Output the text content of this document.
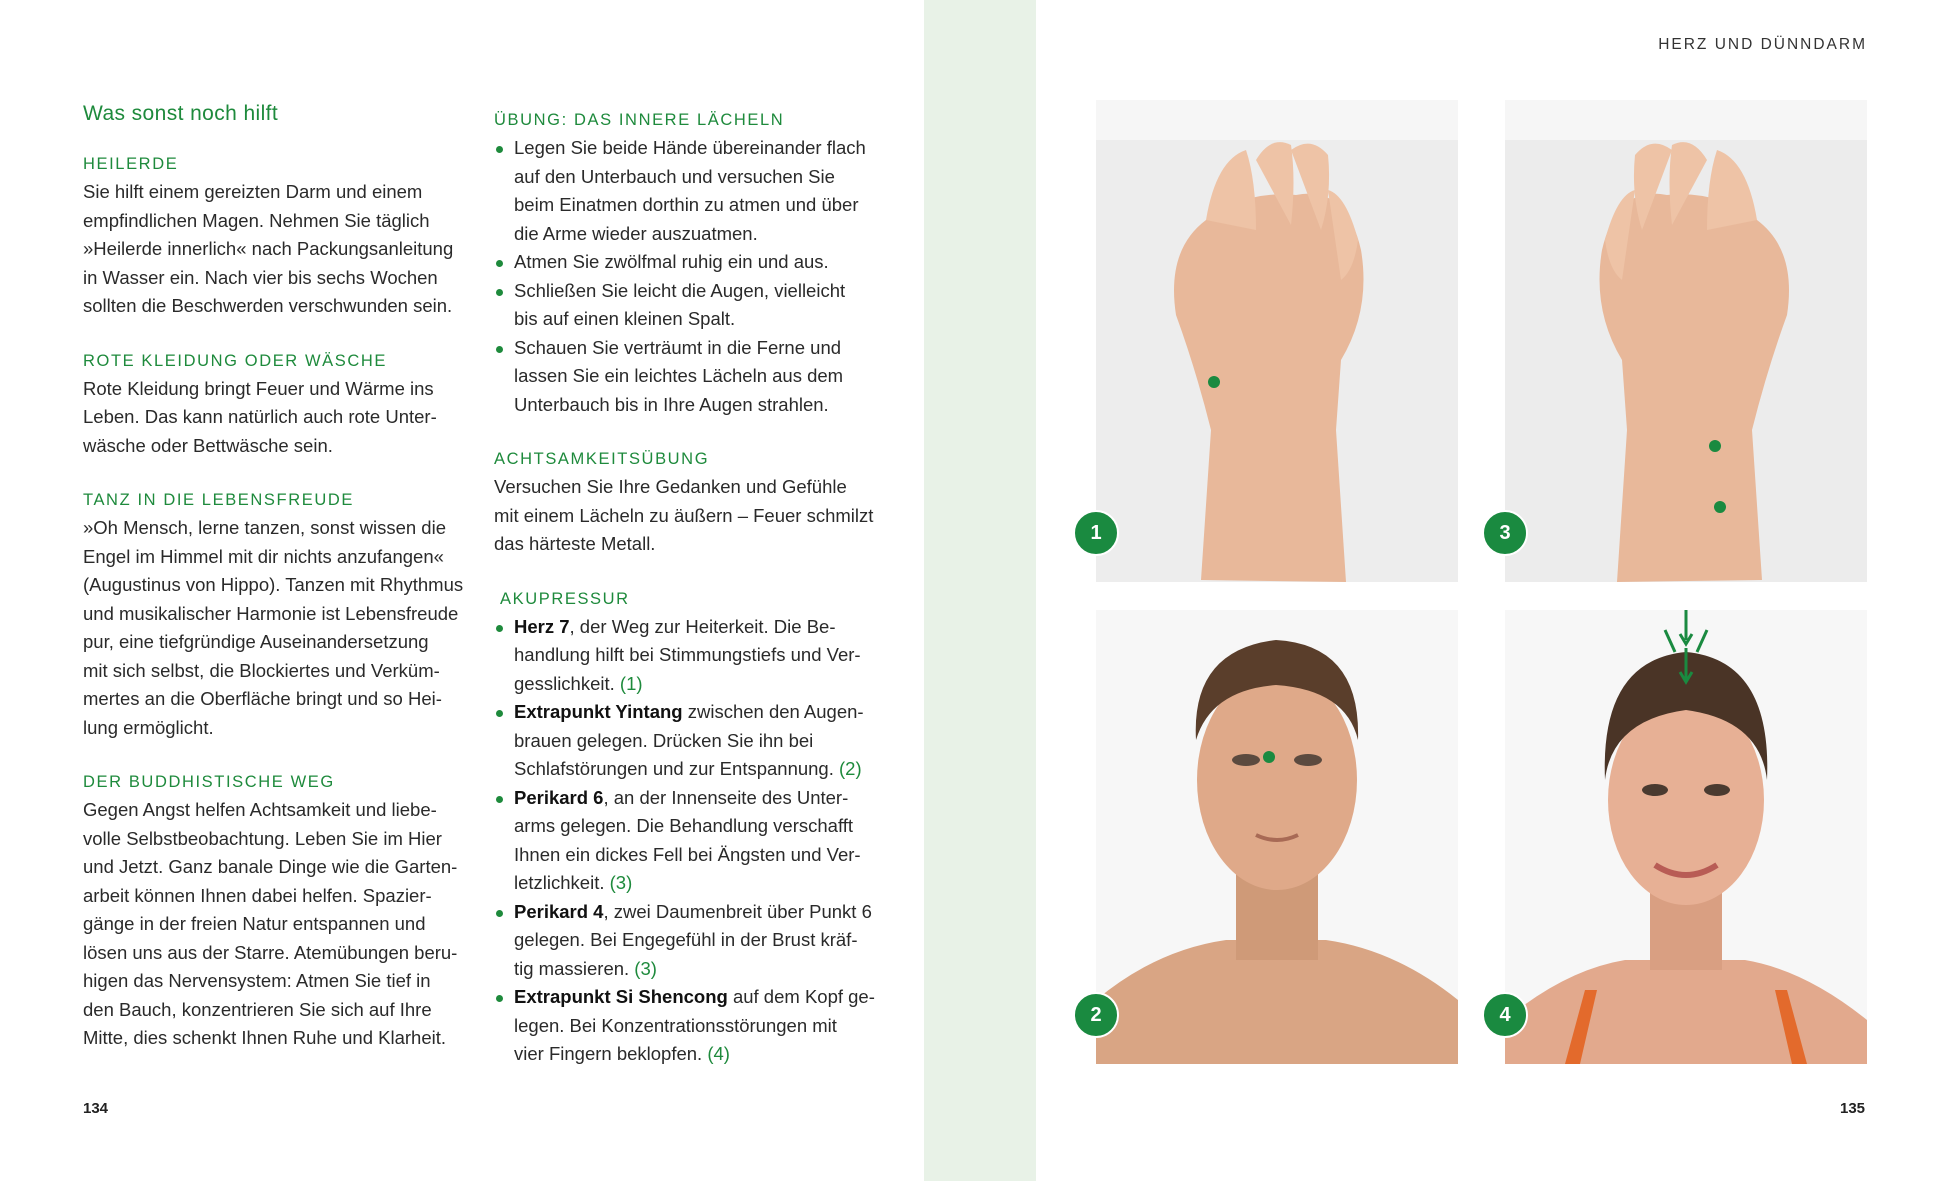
Was sonst noch hilft
HEILERDE

Sie hilft einem gereizten Darm und einem
empfindlichen Magen. Nehmen Sie täglich
»Heilerde innerlich« nach Packungsanleitung
in Wasser ein. Nach vier bis sechs Wochen
sollten die Beschwerden verschwunden sein.

ROTE KLEIDUNG ODER WÄSCHE

Rote Kleidung bringt Feuer und Wärme ins
Leben. Das kann natürlich auch rote Unter-
wäsche oder Bettwäsche sein.

TANZ IN DIE LEBENSFREUDE

»Oh Mensch, lerne tanzen, sonst wissen die
Engel im Himmel mit dir nichts anzufangen«
(Augustinus von Hippo). Tanzen mit Rhythmus
und musikalischer Harmonie ist Lebensfreude
pur, eine tiefgründige Auseinandersetzung
mit sich selbst, die Blockiertes und Verküm-
mertes an die Oberfläche bringt und so Hei-
lung ermöglicht.

DER BUDDHISTISCHE WEG

Gegen Angst helfen Achtsamkeit und liebe-
volle Selbstbeobachtung. Leben Sie im Hier
und Jetzt. Ganz banale Dinge wie die Garten-
arbeit können Ihnen dabei helfen. Spazier-
gänge in der freien Natur entspannen und
lösen uns aus der Starre. Atemübungen beru-
higen das Nervensystem: Atmen Sie tief in
den Bauch, konzentrieren Sie sich auf Ihre
Mitte, dies schenkt Ihnen Ruhe und Klarheit.

ÜBUNG: DAS INNERE LÄCHELN
Legen Sie beide Hände übereinander flach
auf den Unterbauch und versuchen Sie
beim Einatmen dorthin zu atmen und über
die Arme wieder auszuatmen.
Atmen Sie zwölfmal ruhig ein und aus.
Schließen Sie leicht die Augen, vielleicht
bis auf einen kleinen Spalt.
Schauen Sie verträumt in die Ferne und
lassen Sie ein leichtes Lächeln aus dem
Unterbauch bis in Ihre Augen strahlen.
ACHTSAMKEITSÜBUNG

Versuchen Sie Ihre Gedanken und Gefühle
mit einem Lächeln zu äußern – Feuer schmilzt
das härteste Metall.

AKUPRESSUR
Herz 7, der Weg zur Heiterkeit. Die Be-
handlung hilft bei Stimmungstiefs und Ver-
gesslichkeit. (1)
Extrapunkt Yintang zwischen den Augen-
brauen gelegen. Drücken Sie ihn bei
Schlafstörungen und zur Entspannung. (2)
Perikard 6, an der Innenseite des Unter-
arms gelegen. Die Behandlung verschafft
Ihnen ein dickes Fell bei Ängsten und Ver-
letzlichkeit. (3)
Perikard 4, zwei Daumenbreit über Punkt 6
gelegen. Bei Engegefühl in der Brust kräf-
tig massieren. (3)
Extrapunkt Si Shencong auf dem Kopf ge-
legen. Bei Konzentrationsstörungen mit
vier Fingern beklopfen. (4)
134
HERZ UND DÜNNDARM
1	3
2	4
135
